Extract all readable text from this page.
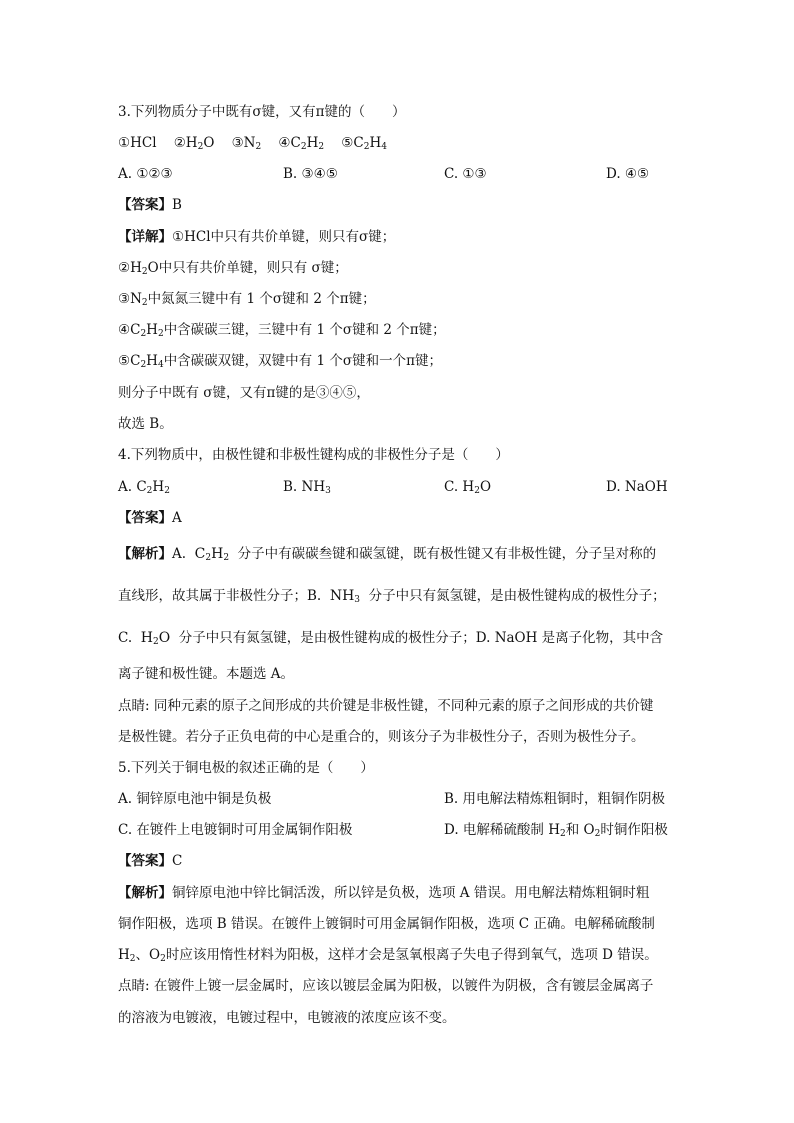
3.下列物质分子中既有σ键，又有π键的（　　）
①HCl $②H_2O$ $③N_2$ $④C_2H_2$ $⑤C_2H_4$
A. ①②③	B. ③④⑤	C. ①③	D. ④⑤
【答案】B
【详解】①HCl中只有共价单键，则只有σ键；
$②H_2O$中只有共价单键，则只有 σ键；
$③N_2$中氮氮三键中有 1 个σ键和 2 个π键；
$④C_2H_2$中含碳碳三键，三键中有 1 个σ键和 2 个π键；
$⑤C_2H_4$中含碳碳双键，双键中有 1 个σ键和一个π键；
则分子中既有 σ键，又有π键的是③④⑤，
故选 B。
4.下列物质中，由极性键和非极性键构成的非极性分子是（　　）
A. $C_2H_2$	B. $NH_3$	C. $H_2O$	D. NaOH
【答案】A
【解析】A. $C_2H_2$ 分子中有碳碳叁键和碳氢键，既有极性键又有非极性键，分子呈对称的
直线形，故其属于非极性分子；B. $NH_3$ 分子中只有氮氢键，是由极性键构成的极性分子；
C. $H_2O$ 分子中只有氮氢键，是由极性键构成的极性分子；D. NaOH 是离子化物，其中含
离子键和极性键。本题选 A。
点睛: 同种元素的原子之间形成的共价键是非极性键，不同种元素的原子之间形成的共价键
是极性键。若分子正负电荷的中心是重合的，则该分子为非极性分子，否则为极性分子。
5.下列关于铜电极的叙述正确的是（　　）
A. 铜锌原电池中铜是负极	B. 用电解法精炼粗铜时，粗铜作阴极
C. 在镀件上电镀铜时可用金属铜作阳极	D. 电解稀硫酸制 $H_2$和 $O_2$时铜作阳极
【答案】C
【解析】铜锌原电池中锌比铜活泼，所以锌是负极，选项 A 错误。用电解法精炼粗铜时粗
铜作阳极，选项 B 错误。在镀件上镀铜时可用金属铜作阳极，选项 C 正确。电解稀硫酸制
$H_2$、$O_2$时应该用惰性材料为阳极，这样才会是氢氧根离子失电子得到氧气，选项 D 错误。
点睛: 在镀件上镀一层金属时，应该以镀层金属为阳极，以镀件为阴极，含有镀层金属离子
的溶液为电镀液，电镀过程中，电镀液的浓度应该不变。
